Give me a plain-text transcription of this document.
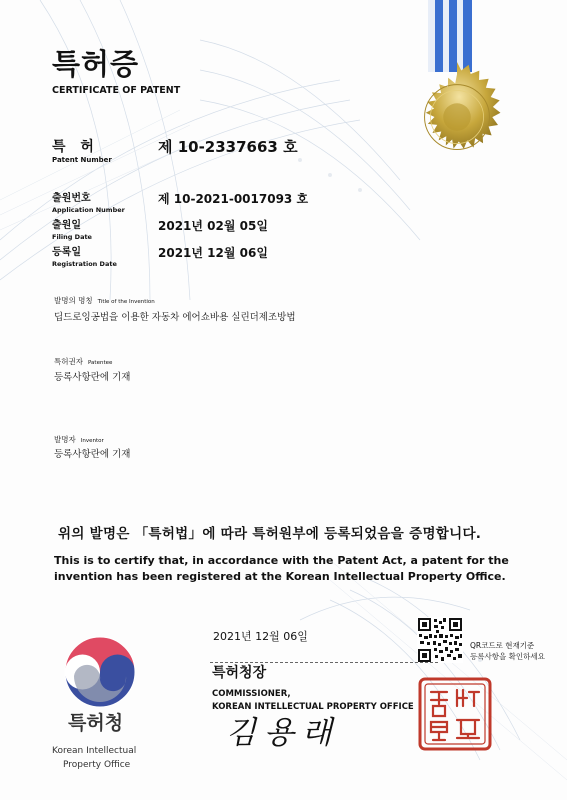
특허증
CERTIFICATE OF PATENT
특 허
Patent Number
제 10-2337663 호
출원번호
Application Number
제 10-2021-0017093 호
출원일
Filing Date
2021년 02월 05일
등록일
Registration Date
2021년 12월 06일
발명의 명칭 Title of the Invention
딥드로잉공법을 이용한 자동차 에어쇼바용 실린더제조방법
특허권자 Patentee
등록사항란에 기재
발명자 Inventor
등록사항란에 기재
위의 발명은 「특허법」에 따라 특허원부에 등록되었음을 증명합니다.
This is to certify that, in accordance with the Patent Act, a patent for the invention has been registered at the Korean Intellectual Property Office.
2021년 12월 06일
QR코드로 현재기준
등록사항을 확인하세요
특허청장
COMMISSIONER,
KOREAN INTELLECTUAL PROPERTY OFFICE
김용래
특허청
Korean Intellectual
Property Office
